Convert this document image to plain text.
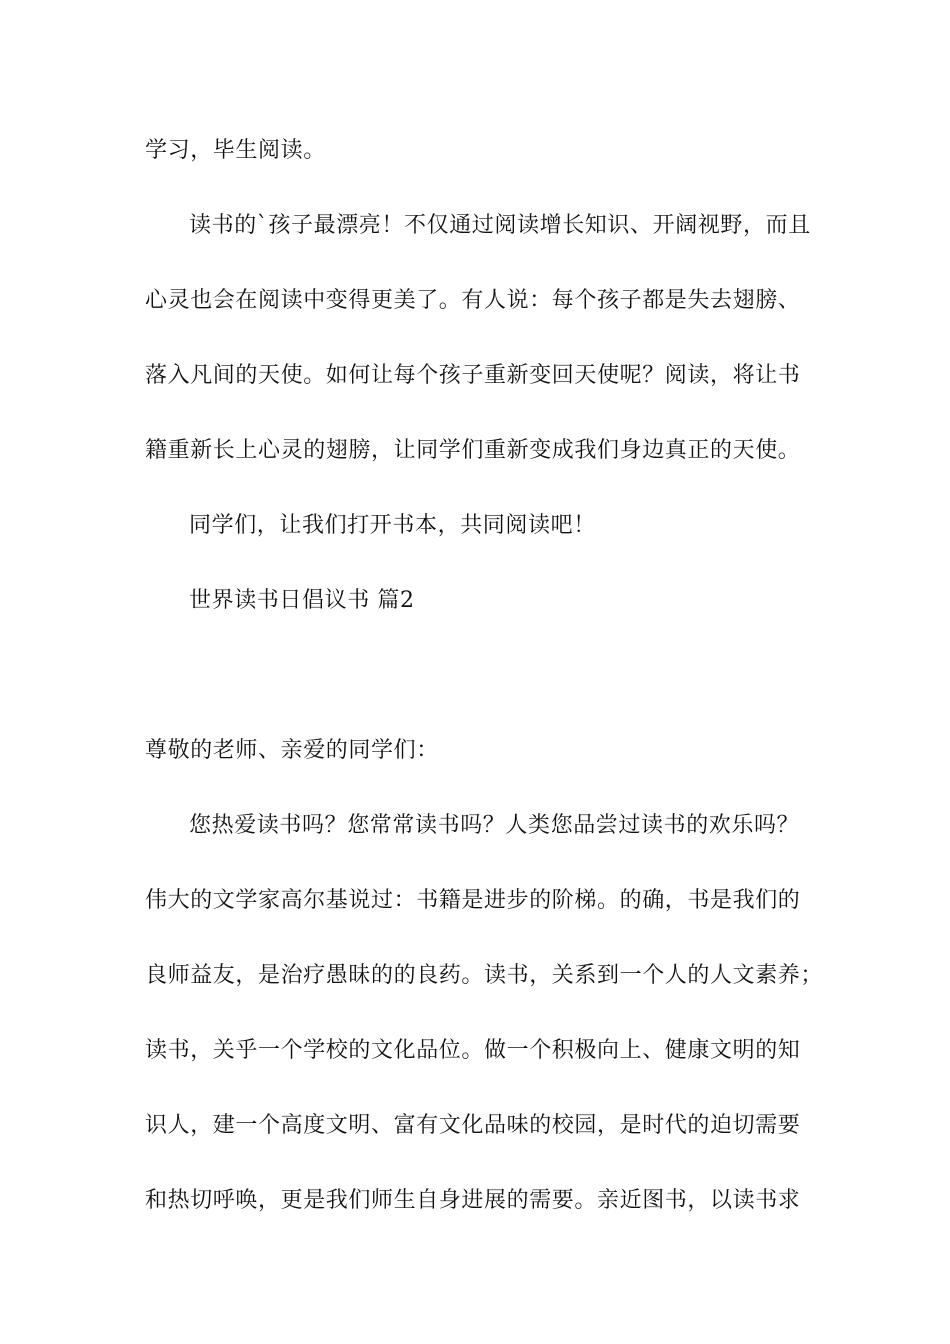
学习，毕生阅读。
读书的`孩子最漂亮！不仅通过阅读增长知识、开阔视野，而且
心灵也会在阅读中变得更美了。有人说：每个孩子都是失去翅膀、
落入凡间的天使。如何让每个孩子重新变回天使呢？阅读，将让书
籍重新长上心灵的翅膀，让同学们重新变成我们身边真正的天使。
同学们，让我们打开书本，共同阅读吧！
世界读书日倡议书 篇2
尊敬的老师、亲爱的同学们：
您热爱读书吗？您常常读书吗？人类您品尝过读书的欢乐吗？
伟大的文学家高尔基说过：书籍是进步的阶梯。的确，书是我们的
良师益友，是治疗愚昧的的良药。读书，关系到一个人的人文素养；
读书，关乎一个学校的文化品位。做一个积极向上、健康文明的知
识人，建一个高度文明、富有文化品味的校园，是时代的迫切需要
和热切呼唤，更是我们师生自身进展的需要。亲近图书，以读书求
